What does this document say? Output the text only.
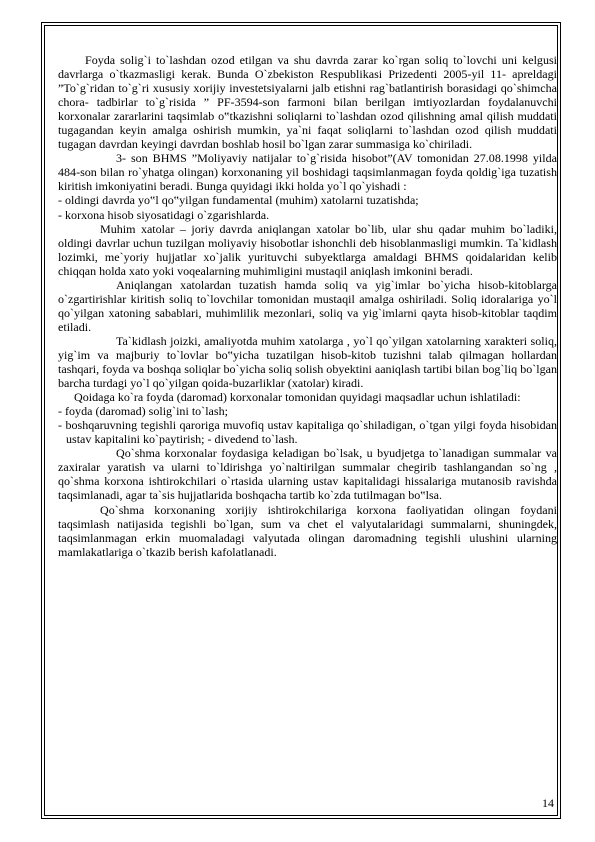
Foyda solig`i to`lashdan ozod etilgan va shu davrda zarar ko`rgan soliq to`lovchi uni kelgusi davrlarga o`tkazmasligi kerak. Bunda O`zbekiston Respublikasi Prizedenti 2005-yil 11- apreldagi ”To`g`ridan to`g`ri xususiy xorijiy investetsiyalarni jalb etishni rag`batlantirish borasidagi qo`shimcha chora- tadbirlar to`g`risida ” PF-3594-son farmoni bilan berilgan imtiyozlardan foydalanuvchi korxonalar zararlarini taqsimlab o‟tkazishni soliqlarni to`lashdan ozod qilishning amal qilish muddati tugagandan keyin amalga oshirish mumkin, ya`ni faqat soliqlarni to`lashdan ozod qilish muddati tugagan davrdan keyingi davrdan boshlab hosil bo`lgan zarar summasiga ko`chiriladi.

3- son BHMS ”Moliyaviy natijalar to`g`risida hisobot”(AV tomonidan 27.08.1998 yilda 484-son bilan ro`yhatga olingan) korxonaning yil boshidagi taqsimlanmagan foyda qoldig`iga tuzatish kiritish imkoniyatini beradi. Bunga quyidagi ikki holda yo`l qo`yishadi :

- oldingi davrda yo‟l qo‟yilgan fundamental (muhim) xatolarni tuzatishda;

- korxona hisob siyosatidagi o`zgarishlarda.

Muhim xatolar – joriy davrda aniqlangan xatolar bo`lib, ular shu qadar muhim bo`ladiki, oldingi davrlar uchun tuzilgan moliyaviy hisobotlar ishonchli deb hisoblanmasligi mumkin. Ta`kidlash lozimki, me`yoriy hujjatlar xo`jalik yurituvchi subyektlarga amaldagi BHMS qoidalaridan kelib chiqqan holda xato yoki voqealarning muhimligini mustaqil aniqlash imkonini beradi.

Aniqlangan xatolardan tuzatish hamda soliq va yig`imlar bo`yicha hisob-kitoblarga o`zgartirishlar kiritish soliq to`lovchilar tomonidan mustaqil amalga oshiriladi. Soliq idoralariga yo`l qo`yilgan xatoning sabablari, muhimlilik mezonlari, soliq va yig`imlarni qayta hisob-kitoblar taqdim etiladi.

Ta`kidlash joizki, amaliyotda muhim xatolarga , yo`l qo`yilgan xatolarning xarakteri soliq, yig`im va majburiy to`lovlar bo‟yicha tuzatilgan hisob-kitob tuzishni talab qilmagan hollardan tashqari, foyda va boshqa soliqlar bo`yicha soliq solish obyektini aaniqlash tartibi bilan bog`liq bo`lgan barcha turdagi yo`l qo`yilgan qoida-buzarliklar (xatolar) kiradi.

Qoidaga ko`ra foyda (daromad) korxonalar tomonidan quyidagi maqsadlar uchun ishlatiladi:

- foyda (daromad) solig`ini to`lash;

- boshqaruvning tegishli qaroriga muvofiq ustav kapitaliga qo`shiladigan, o`tgan yilgi foyda hisobidan ustav kapitalini ko`paytirish; - divedend to`lash.

Qo`shma korxonalar foydasiga keladigan bo`lsak, u byudjetga to`lanadigan summalar va zaxiralar yaratish va ularni to`ldirishga yo`naltirilgan summalar chegirib tashlangandan so`ng , qo`shma korxona ishtirokchilari o`rtasida ularning ustav kapitalidagi hissalariga mutanosib ravishda taqsimlanadi, agar ta`sis hujjatlarida boshqacha tartib ko`zda tutilmagan bo‟lsa.

Qo`shma korxonaning xorijiy ishtirokchilariga korxona faoliyatidan olingan foydani taqsimlash natijasida tegishli bo`lgan, sum va chet el valyutalaridagi summalarni, shuningdek, taqsimlanmagan erkin muomaladagi valyutada olingan daromadning tegishli ulushini ularning mamlakatlariga o`tkazib berish kafolatlanadi.

14
